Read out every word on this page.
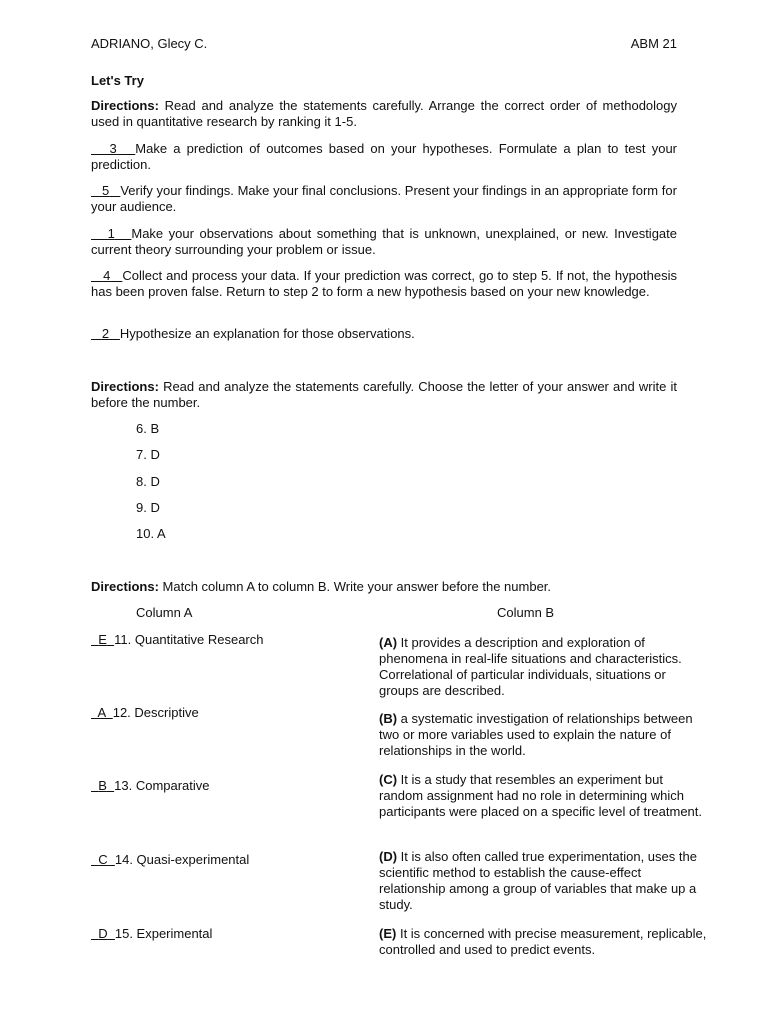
ADRIANO, Glecy C.	ABM 21
Let's Try
Directions: Read and analyze the statements carefully. Arrange the correct order of methodology used in quantitative research by ranking it 1-5.
3 Make a prediction of outcomes based on your hypotheses. Formulate a plan to test your prediction.
5 Verify your findings. Make your final conclusions. Present your findings in an appropriate form for your audience.
1 Make your observations about something that is unknown, unexplained, or new. Investigate current theory surrounding your problem or issue.
4 Collect and process your data. If your prediction was correct, go to step 5. If not, the hypothesis has been proven false. Return to step 2 to form a new hypothesis based on your new knowledge.
2 Hypothesize an explanation for those observations.
Directions: Read and analyze the statements carefully. Choose the letter of your answer and write it before the number.
6. B
7. D
8. D
9. D
10. A
Directions: Match column A to column B. Write your answer before the number.
Column A	Column B
E 11. Quantitative Research
A 12. Descriptive
B 13. Comparative
C 14. Quasi-experimental
D 15. Experimental
(A) It provides a description and exploration of phenomena in real-life situations and characteristics. Correlational of particular individuals, situations or groups are described.
(B) a systematic investigation of relationships between two or more variables used to explain the nature of relationships in the world.
(C) It is a study that resembles an experiment but random assignment had no role in determining which participants were placed on a specific level of treatment.
(D) It is also often called true experimentation, uses the scientific method to establish the cause-effect relationship among a group of variables that make up a study.
(E) It is concerned with precise measurement, replicable, controlled and used to predict events.
